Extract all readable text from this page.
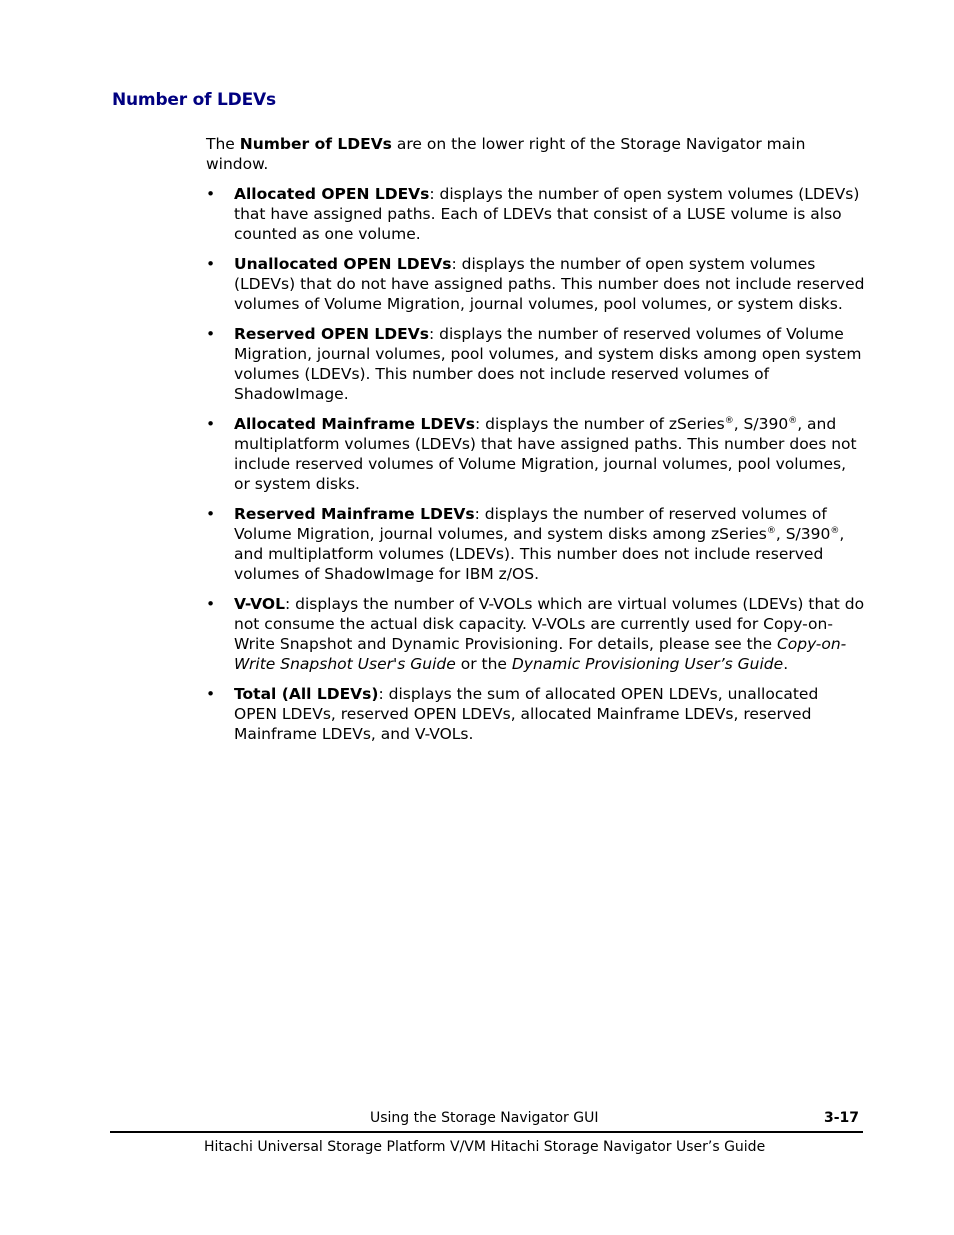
Number of LDEVs

The Number of LDEVs are on the lower right of the Storage Navigator main window.

• Allocated OPEN LDEVs: displays the number of open system volumes (LDEVs) that have assigned paths. Each of LDEVs that consist of a LUSE volume is also counted as one volume.
• Unallocated OPEN LDEVs: displays the number of open system volumes (LDEVs) that do not have assigned paths. This number does not include reserved volumes of Volume Migration, journal volumes, pool volumes, or system disks.
• Reserved OPEN LDEVs: displays the number of reserved volumes of Volume Migration, journal volumes, pool volumes, and system disks among open system volumes (LDEVs). This number does not include reserved volumes of ShadowImage.
• Allocated Mainframe LDEVs: displays the number of zSeries®, S/390®, and multiplatform volumes (LDEVs) that have assigned paths. This number does not include reserved volumes of Volume Migration, journal volumes, pool volumes, or system disks.
• Reserved Mainframe LDEVs: displays the number of reserved volumes of Volume Migration, journal volumes, and system disks among zSeries®, S/390®, and multiplatform volumes (LDEVs). This number does not include reserved volumes of ShadowImage for IBM z/OS.
• V-VOL: displays the number of V-VOLs which are virtual volumes (LDEVs) that do not consume the actual disk capacity. V-VOLs are currently used for Copy-on-Write Snapshot and Dynamic Provisioning. For details, please see the Copy-on-Write Snapshot User's Guide or the Dynamic Provisioning User’s Guide.
• Total (All LDEVs): displays the sum of allocated OPEN LDEVs, unallocated OPEN LDEVs, reserved OPEN LDEVs, allocated Mainframe LDEVs, reserved Mainframe LDEVs, and V-VOLs.
Using the Storage Navigator GUI	3-17
Hitachi Universal Storage Platform V/VM Hitachi Storage Navigator User’s Guide
